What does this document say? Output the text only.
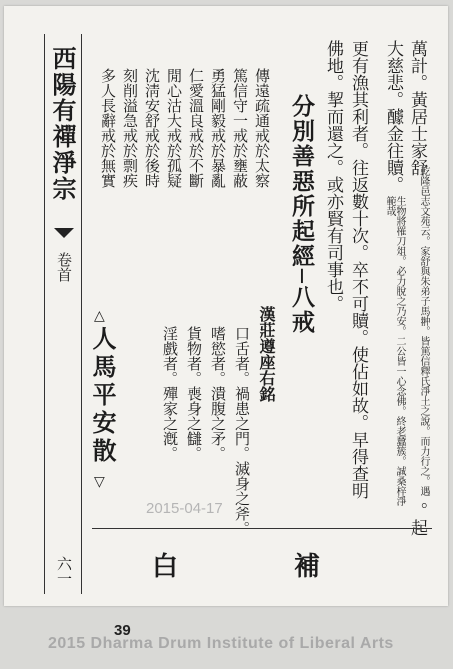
西陽有禪淨宗
卷首
六一
萬計。黃居士家舒
乾隆邑志文苑云。家舒與朱弟子馬翀。皆篤信釋氏淨土之說。而力行之。遇
。起
大慈悲。醵金往贖。
生物將罹刀俎。必力脫之乃安。二公皆一心念佛。終老蠶簇。誠桑梓淨範哉
更有漁其利者。往返數十次。卒不可贖。使佔如故。早得查明
佛地。挈而還之。或亦賢有司事也。
分別善惡所起經─八戒
傳遠疏通戒於太察
篤信守一戒於壅蔽
勇猛剛毅戒於暴亂
仁愛溫良戒於不斷
閒心沽大戒於孤疑
沈淸安舒戒於後時
刻削溢急戒於剽疾
多人長辭戒於無實
△
人馬平安散
▽
漢莊遵座右銘
口舌者。禍患之門。滅身之斧。
嗜慾者。潰腹之矛。
貨物者。喪身之讎。
淫戲者。殫家之漑。
白	補
2015-04-17
39
2015 Dharma Drum Institute of Liberal Arts
